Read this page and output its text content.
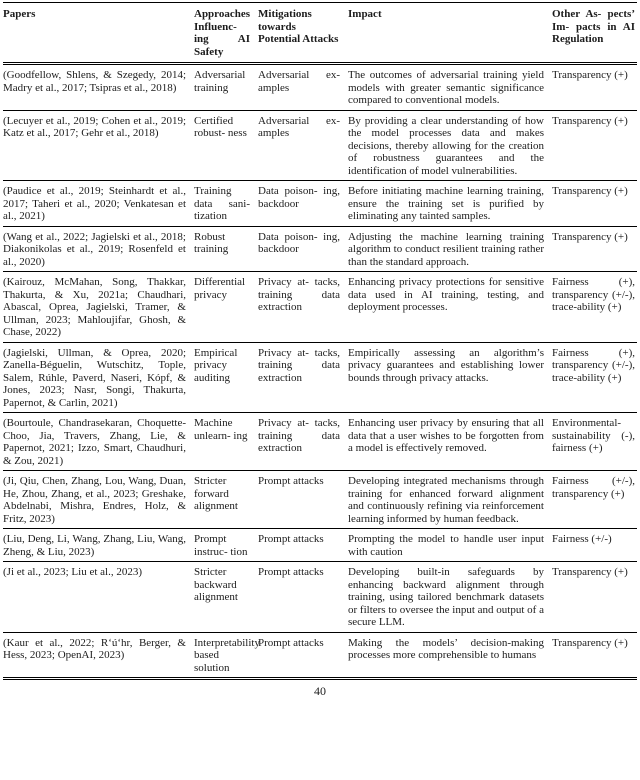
Papers	Approaches Influenc- ing AI Safety	Mitigations towards Potential Attacks	Impact	Other As- pects’ Im- pacts in AI Regulation
(Goodfellow, Shlens, & Szegedy, 2014; Madry et al., 2017; Tsipras et al., 2018)	Adversarial training	Adversarial ex- amples	The outcomes of adversarial training yield models with greater semantic significance compared to conventional models.	Transparency (+)
(Lecuyer et al., 2019; Cohen et al., 2019; Katz et al., 2017; Gehr et al., 2018)	Certified robust- ness	Adversarial ex- amples	By providing a clear understanding of how the model processes data and makes decisions, thereby allowing for the creation of robustness guarantees and the identification of model vulnerabilities.	Transparency (+)
(Paudice et al., 2019; Steinhardt et al., 2017; Taheri et al., 2020; Venkatesan et al., 2021)	Training data sani- tization	Data poison- ing, backdoor	Before initiating machine learning training, ensure the training set is purified by eliminating any tainted samples.	Transparency (+)
(Wang et al., 2022; Jagielski et al., 2018; Diakonikolas et al., 2019; Rosenfeld et al., 2020)	Robust training	Data poison- ing, backdoor	Adjusting the machine learning training algorithm to conduct resilient training rather than the standard approach.	Transparency (+)
(Kairouz, McMahan, Song, Thakkar, Thakurta, & Xu, 2021a; Chaudhari, Abascal, Oprea, Jagielski, Tramer, & Ullman, 2023; Mahloujifar, Ghosh, & Chase, 2022)	Differential privacy	Privacy at- tacks, training data extraction	Enhancing privacy protections for sensitive data used in AI training, testing, and deployment processes.	Fairness (+), transparency (+/-), trace-ability (+)
(Jagielski, Ullman, & Oprea, 2020; Zanella-Béguelin, Wutschitz, Tople, Salem, Rúhle, Paverd, Naseri, Kópf, & Jones, 2023; Nasr, Songi, Thakurta, Papernot, & Carlin, 2021)	Empirical privacy auditing	Privacy at- tacks, training data extraction	Empirically assessing an algorithm’s privacy guarantees and establishing lower bounds through privacy attacks.	Fairness (+), transparency (+/-), trace-ability (+)
(Bourtoule, Chandrasekaran, Choquette-Choo, Jia, Travers, Zhang, Lie, & Papernot, 2021; Izzo, Smart, Chaudhuri, & Zou, 2021)	Machine unlearn- ing	Privacy at- tacks, training data extraction	Enhancing user privacy by ensuring that all data that a user wishes to be forgotten from a model is effectively removed.	Environmental-sustainability (-), fairness (+)
(Ji, Qiu, Chen, Zhang, Lou, Wang, Duan, He, Zhou, Zhang, et al., 2023; Greshake, Abdelnabi, Mishra, Endres, Holz, & Fritz, 2023)	Stricter forward alignment	Prompt attacks	Developing integrated mechanisms through training for enhanced forward alignment and continuously refining via reinforcement learning informed by human feedback.	Fairness (+/-), transparency (+)
(Liu, Deng, Li, Wang, Zhang, Liu, Wang, Zheng, & Liu, 2023)	Prompt instruc- tion	Prompt attacks	Prompting the model to handle user input with caution	Fairness (+/-)
(Ji et al., 2023; Liu et al., 2023)	Stricter backward alignment	Prompt attacks	Developing built-in safeguards by enhancing backward alignment through training, using tailored benchmark datasets or filters to oversee the input and output of a secure LLM.	Transparency (+)
(Kaur et al., 2022; R‘ú‘hr, Berger, & Hess, 2023; OpenAI, 2023)	Interpretability based solution	Prompt attacks	Making the models’ decision-making processes more comprehensible to humans	Transparency (+)
40
